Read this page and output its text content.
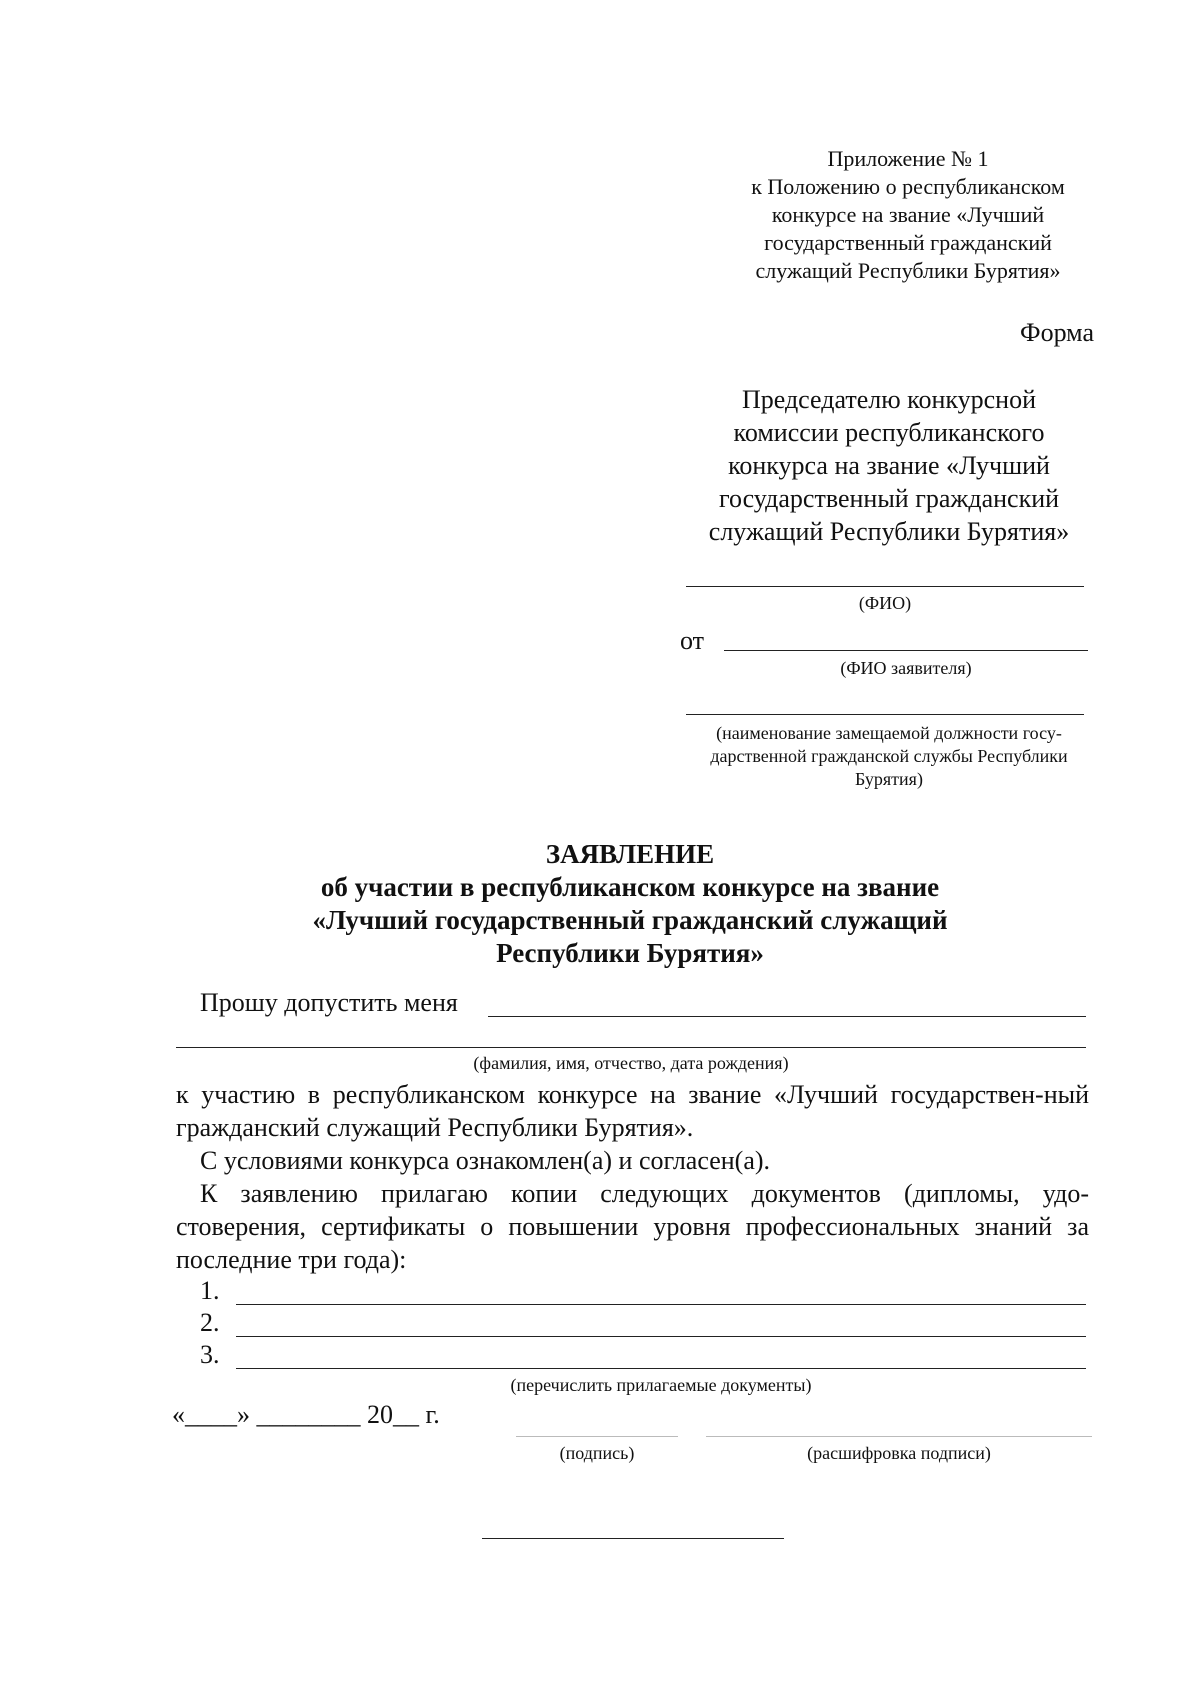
Приложение № 1
к Положению о республиканском
конкурсе на звание «Лучший
государственный гражданский
служащий Республики Бурятия»
Форма
Председателю конкурсной
комиссии республиканского
конкурса на звание «Лучший
государственный гражданский
служащий Республики Бурятия»
(ФИО)
от
(ФИО заявителя)
(наименование замещаемой должности госу-
дарственной гражданской службы Республики
Бурятия)
ЗАЯВЛЕНИЕ
об участии в республиканском конкурсе на звание
«Лучший государственный гражданский служащий
Республики Бурятия»
Прошу допустить меня
(фамилия, имя, отчество, дата рождения)
к участию в республиканском конкурсе на звание «Лучший государствен-ный гражданский служащий Республики Бурятия».
С условиями конкурса ознакомлен(а) и согласен(а).
К заявлению прилагаю копии следующих документов (дипломы, удо-стоверения, сертификаты о повышении уровня профессиональных знаний за последние три года):
1.
2.
3.
(перечислить прилагаемые документы)
«____» ________ 20__ г.
(подпись)	(расшифровка подписи)
